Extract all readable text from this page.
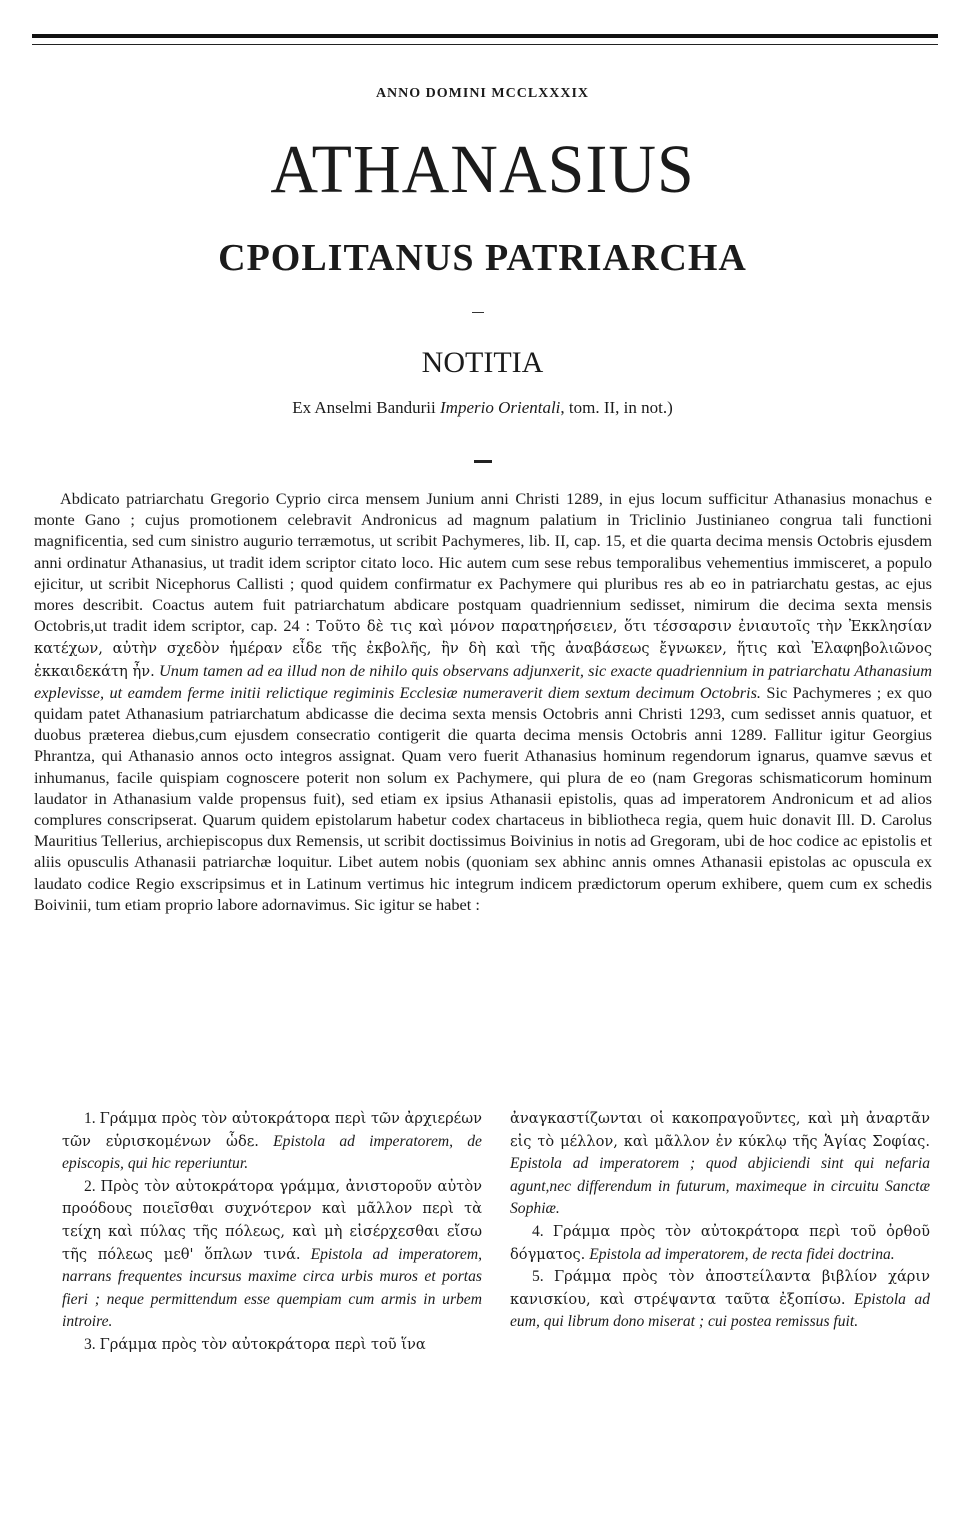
ANNO DOMINI MCCLXXXIX
ATHANASIUS
CPOLITANUS PATRIARCHA
NOTITIA
Ex Anselmi Bandurii Imperio Orientali, tom. II, in not.)

Abdicato patriarchatu Gregorio Cyprio circa mensem Junium anni Christi 1289, in ejus locum sufficitur Athanasius monachus e monte Gano ; cujus promotionem celebravit Andronicus ad magnum palatium in Triclinio Justinianeo congrua tali functioni magnificentia, sed cum sinistro augurio terræmotus, ut scribit Pachymeres, lib. II, cap. 15, et die quarta decima mensis Octobris ejusdem anni ordinatur Athanasius, ut tradit idem scriptor citato loco. Hic autem cum sese rebus temporalibus vehementius immisceret, a populo ejicitur, ut scribit Nicephorus Callisti ; quod quidem confirmatur ex Pachymere qui pluribus res ab eo in patriarchatu gestas, ac ejus mores describit. Coactus autem fuit patriarchatum abdicare postquam quadriennium sedisset, nimirum die decima sexta mensis Octobris,ut tradit idem scriptor, cap. 24 : Τοῦτο δὲ τις καὶ μόνον παρατηρήσειεν, ὅτι τέσσαρσιν ἐνιαυτοῖς τὴν Ἐκκλησίαν κατέχων, αὐτὴν σχεδὸν ἡμέραν εἶδε τῆς ἐκβολῆς, ἣν δὴ καὶ τῆς ἀναβάσεως ἔγνωκεν, ἥτις καὶ Ἐλαφηβολιῶνος ἑκκαιδεκάτη ἦν. Unum tamen ad ea illud non de nihilo quis observans adjunxerit, sic exacte quadriennium in patriarchatu Athanasium explevisse, ut eamdem ferme initii relictique regiminis Ecclesiæ numeraverit diem sextum decimum Octobris. Sic Pachymeres ; ex quo quidam patet Athanasium patriarchatum abdicasse die decima sexta mensis Octobris anni Christi 1293, cum sedisset annis quatuor, et duobus præterea diebus,cum ejusdem consecratio contigerit die quarta decima mensis Octobris anni 1289. Fallitur igitur Georgius Phrantza, qui Athanasio annos octo integros assignat. Quam vero fuerit Athanasius hominum regendorum ignarus, quamve sævus et inhumanus, facile quispiam cognoscere poterit non solum ex Pachymere, qui plura de eo (nam Gregoras schismaticorum hominum laudator in Athanasium valde propensus fuit), sed etiam ex ipsius Athanasii epistolis, quas ad imperatorem Andronicum et ad alios complures conscripserat. Quarum quidem epistolarum habetur codex chartaceus in bibliotheca regia, quem huic donavit Ill. D. Carolus Mauritius Tellerius, archiepiscopus dux Remensis, ut scribit doctissimus Boivinius in notis ad Gregoram, ubi de hoc codice ac epistolis et aliis opusculis Athanasii patriarchæ loquitur. Libet autem nobis (quoniam sex abhinc annis omnes Athanasii epistolas ac opuscula ex laudato codice Regio exscripsimus et in Latinum vertimus hic integrum indicem prædictorum operum exhibere, quem cum ex schedis Boivinii, tum etiam proprio labore adornavimus. Sic igitur se habet :

1. Γράμμα πρὸς τὸν αὐτοκράτορα περὶ τῶν ἀρχιερέων τῶν εὑρισκομένων ὧδε. Epistola ad imperatorem, de episcopis, qui hic reperiuntur.

2. Πρὸς τὸν αὐτοκράτορα γράμμα, ἀνιστοροῦν αὐτὸν προόδους ποιεῖσθαι συχνότερον καὶ μᾶλλον περὶ τὰ τείχη καὶ πύλας τῆς πόλεως, καὶ μὴ εἰσέρχεσθαι εἴσω τῆς πόλεως μεθ' ὅπλων τινά. Epistola ad imperatorem, narrans frequentes incursus maxime circa urbis muros et portas fieri ; neque permittendum esse quempiam cum armis in urbem introire.

3. Γράμμα πρὸς τὸν αὐτοκράτορα περὶ τοῦ ἵνα

ἀναγκαστίζωνται οἱ κακοπραγοῦντες, καὶ μὴ ἀναρτᾶν εἰς τὸ μέλλον, καὶ μᾶλλον ἐν κύκλῳ τῆς Ἁγίας Σοφίας. Epistola ad imperatorem ; quod abjiciendi sint qui nefaria agunt,nec differendum in futurum, maximeque in circuitu Sanctæ Sophiæ.

4. Γράμμα πρὸς τὸν αὐτοκράτορα περὶ τοῦ ὀρθοῦ δόγματος. Epistola ad imperatorem, de recta fidei doctrina.

5. Γράμμα πρὸς τὸν ἀποστείλαντα βιβλίον χάριν κανισκίου, καὶ στρέψαντα ταῦτα ἐξοπίσω. Epistola ad eum, qui librum dono miserat ; cui postea remissus fuit.
